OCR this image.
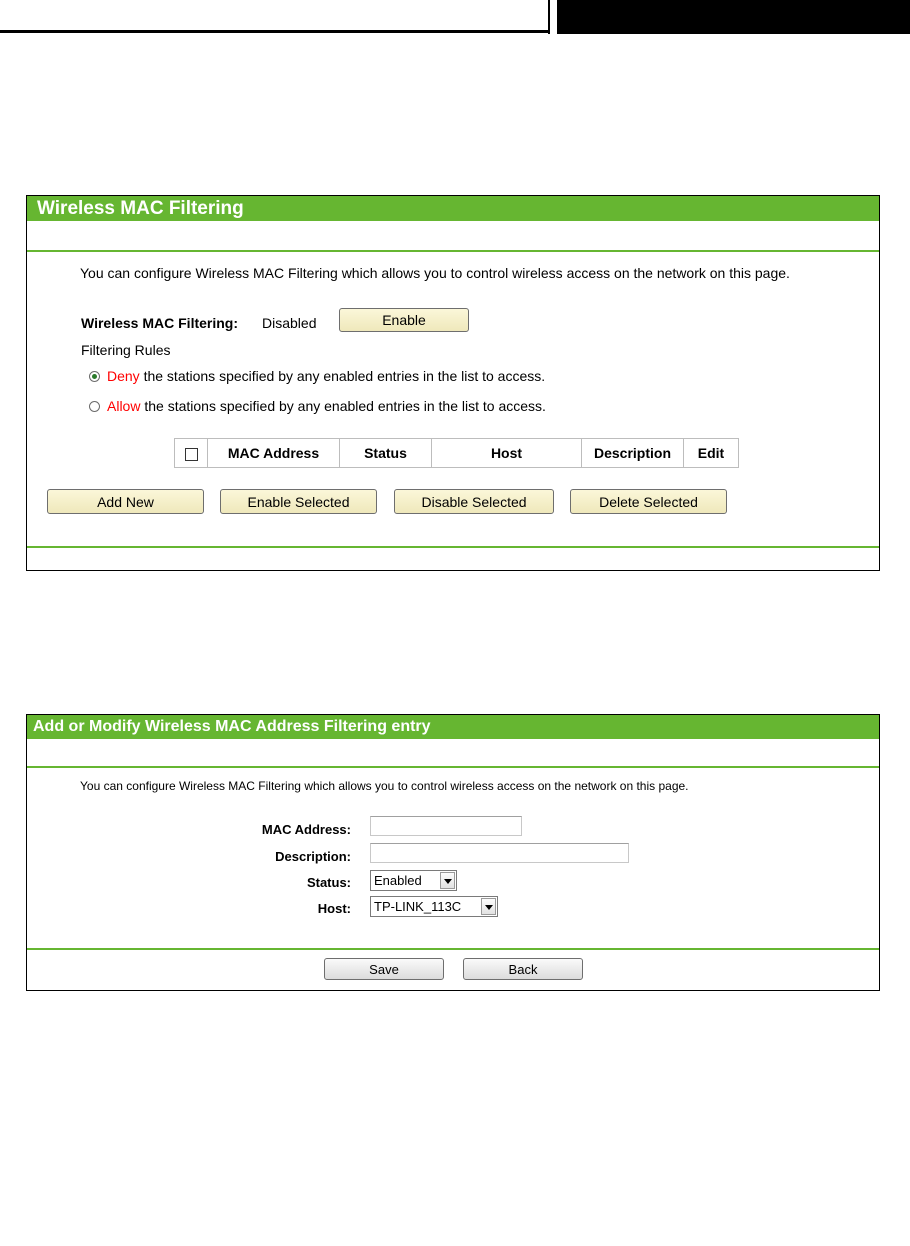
Wireless MAC Filtering
You can configure Wireless MAC Filtering which allows you to control wireless access on the network on this page.
Wireless MAC Filtering: Disabled	Enable
Filtering Rules
Deny the stations specified by any enabled entries in the list to access.
Allow the stations specified by any enabled entries in the list to access.
	MAC Address	Status	Host	Description	Edit
Add New	Enable Selected	Disable Selected	Delete Selected
Add or Modify Wireless MAC Address Filtering entry
You can configure Wireless MAC Filtering which allows you to control wireless access on the network on this page.
MAC Address:
Description:
Status: Enabled
Host: TP-LINK_113C
Save	Back
